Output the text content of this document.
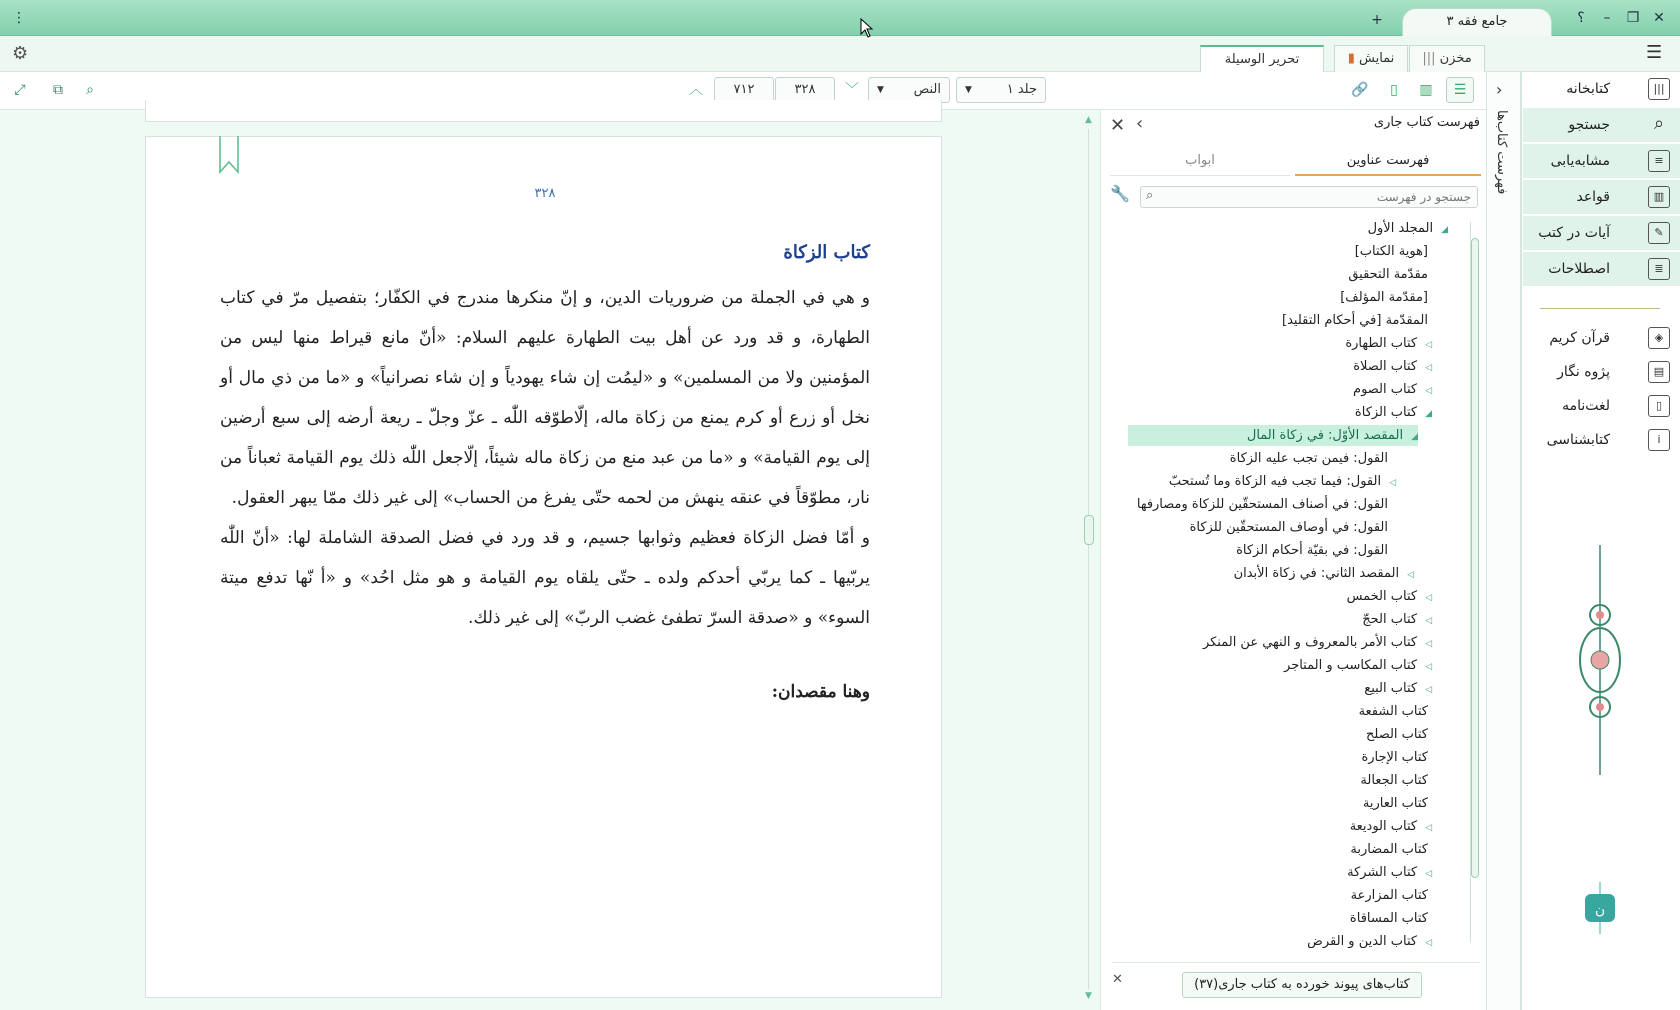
⋮	جامع فقه ۳
+	؟	–	❐ ✕
⚙	☰
مخزن |||
نمایش ▮
تحریر الوسیلة
⤢	⧉	⌕	︿	۷۱۲	۳۲۸	﹀	النص
▼	جلد ۱
▼	🔗	▯	▥	☰	›
فهرست کتاب‌ها
کتابخانه	|||
جستجو	⌕
مشابه‌یابی	≡
قواعد	▥
آیات در کتب	✎
اصطلاحات	≣
قرآن کریم	◈
پژوه نگار	▤
لغت‌نامه	▯
کتابشناسی	i
ن
✕ ‹	فهرست کتاب جاری
فهرست عناوین
ابواب
🔧
جستجو در فهرست ⌕
◢المجلد الأول
[هوية الكتاب]
مقدّمة التحقيق
[مقدّمة المؤلف]
المقدّمة [في أحكام التقليد]
◁كتاب الطهارة
◁كتاب الصلاة
◁كتاب الصوم
◢كتاب الزكاة
◢المقصد الأوّل: في زكاة المال
القول: فيمن تجب عليه الزكاة
◁القول: فيما تجب فيه الزكاة وما تُستحبّ
القول: في أصناف المستحقّين للزكاة ومصارفها
القول: في أوصاف المستحقّين للزكاة
القول: في بقيّة أحكام الزكاة
◁المقصد الثاني: في زكاة الأبدان
◁كتاب الخمس
◁كتاب الحجّ
◁كتاب الأمر بالمعروف و النهي عن المنكر
◁كتاب المكاسب و المتاجر
◁كتاب البيع
كتاب الشفعة
كتاب الصلح
كتاب الإجارة
كتاب الجعالة
كتاب العارية
◁كتاب الوديعة
كتاب المضاربة
◁كتاب الشركة
كتاب المزارعة
كتاب المساقاة
◁كتاب الدين و القرض
✕	کتاب‌های پیوند خورده به کتاب جاری(۳۷)
۳۲۸
كتاب الزكاة

و هي في الجملة من ضروريات الدين، و إنّ منكرها مندرج في الكفّار؛ بتفصيل مرّ في كتاب الطهارة، و قد ورد عن أهل بيت الطهارة عليهم السلام: «أنّ مانع قيراط منها ليس من المؤمنين ولا من المسلمين» و «ليمُت إن شاء يهودياً و إن شاء نصرانياً» و «ما من ذي مال أو نخل أو زرع أو كرم يمنع من زكاة ماله، إلّاطوّقه اللّٰه ـ عزّ وجلّ ـ ريعة أرضه إلى سبع أرضين إلى يوم القيامة» و «ما من عبد منع من زكاة ماله شيئاً، إلّاجعل اللّٰه ذلك يوم القيامة ثعباناً من نار، مطوّقاً في عنقه ينهش من لحمه حتّى يفرغ من الحساب» إلى غير ذلك ممّا يبهر العقول.

و أمّا فضل الزكاة فعظيم وثوابها جسيم، و قد ورد في فضل الصدقة الشاملة لها: «أنّ اللّٰه يربّيها ـ كما يربّي أحدكم ولده ـ حتّى يلقاه يوم القيامة و هو مثل احُد» و «أ نّها تدفع ميتة السوء» و «صدقة السرّ تطفئ غضب الربّ» إلى غير ذلك.

وهنا مقصدان:
▲
▼
